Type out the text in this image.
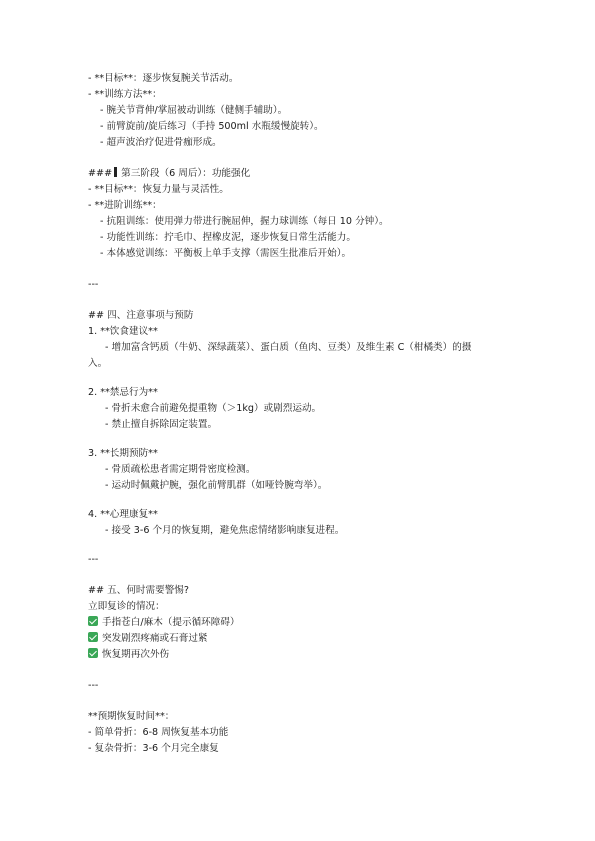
- **目标**：逐步恢复腕关节活动。
- **训练方法**：
- 腕关节背伸/掌屈被动训练（健侧手辅助）。
- 前臂旋前/旋后练习（手持 500ml 水瓶缓慢旋转）。
- 超声波治疗促进骨痂形成。
### 第三阶段（6 周后）：功能强化
- **目标**：恢复力量与灵活性。
- **进阶训练**：
- 抗阻训练：使用弹力带进行腕屈伸，握力球训练（每日 10 分钟）。
- 功能性训练：拧毛巾、捏橡皮泥，逐步恢复日常生活能力。
- 本体感觉训练：平衡板上单手支撑（需医生批准后开始）。
---
## 四、注意事项与预防
1. **饮食建议**
- 增加富含钙质（牛奶、深绿蔬菜）、蛋白质（鱼肉、豆类）及维生素 C（柑橘类）的摄
入。
2. **禁忌行为**
- 骨折未愈合前避免提重物（＞1kg）或剧烈运动。
- 禁止擅自拆除固定装置。
3. **长期预防**
- 骨质疏松患者需定期骨密度检测。
- 运动时佩戴护腕，强化前臂肌群（如哑铃腕弯举）。
4. **心理康复**
- 接受 3-6 个月的恢复期，避免焦虑情绪影响康复进程。
---
## 五、何时需要警惕?
立即复诊的情况：
手指苍白/麻木（提示循环障碍）
突发剧烈疼痛或石膏过紧
恢复期再次外伤
---
**预期恢复时间**：
- 简单骨折：6-8 周恢复基本功能
- 复杂骨折：3-6 个月完全康复
